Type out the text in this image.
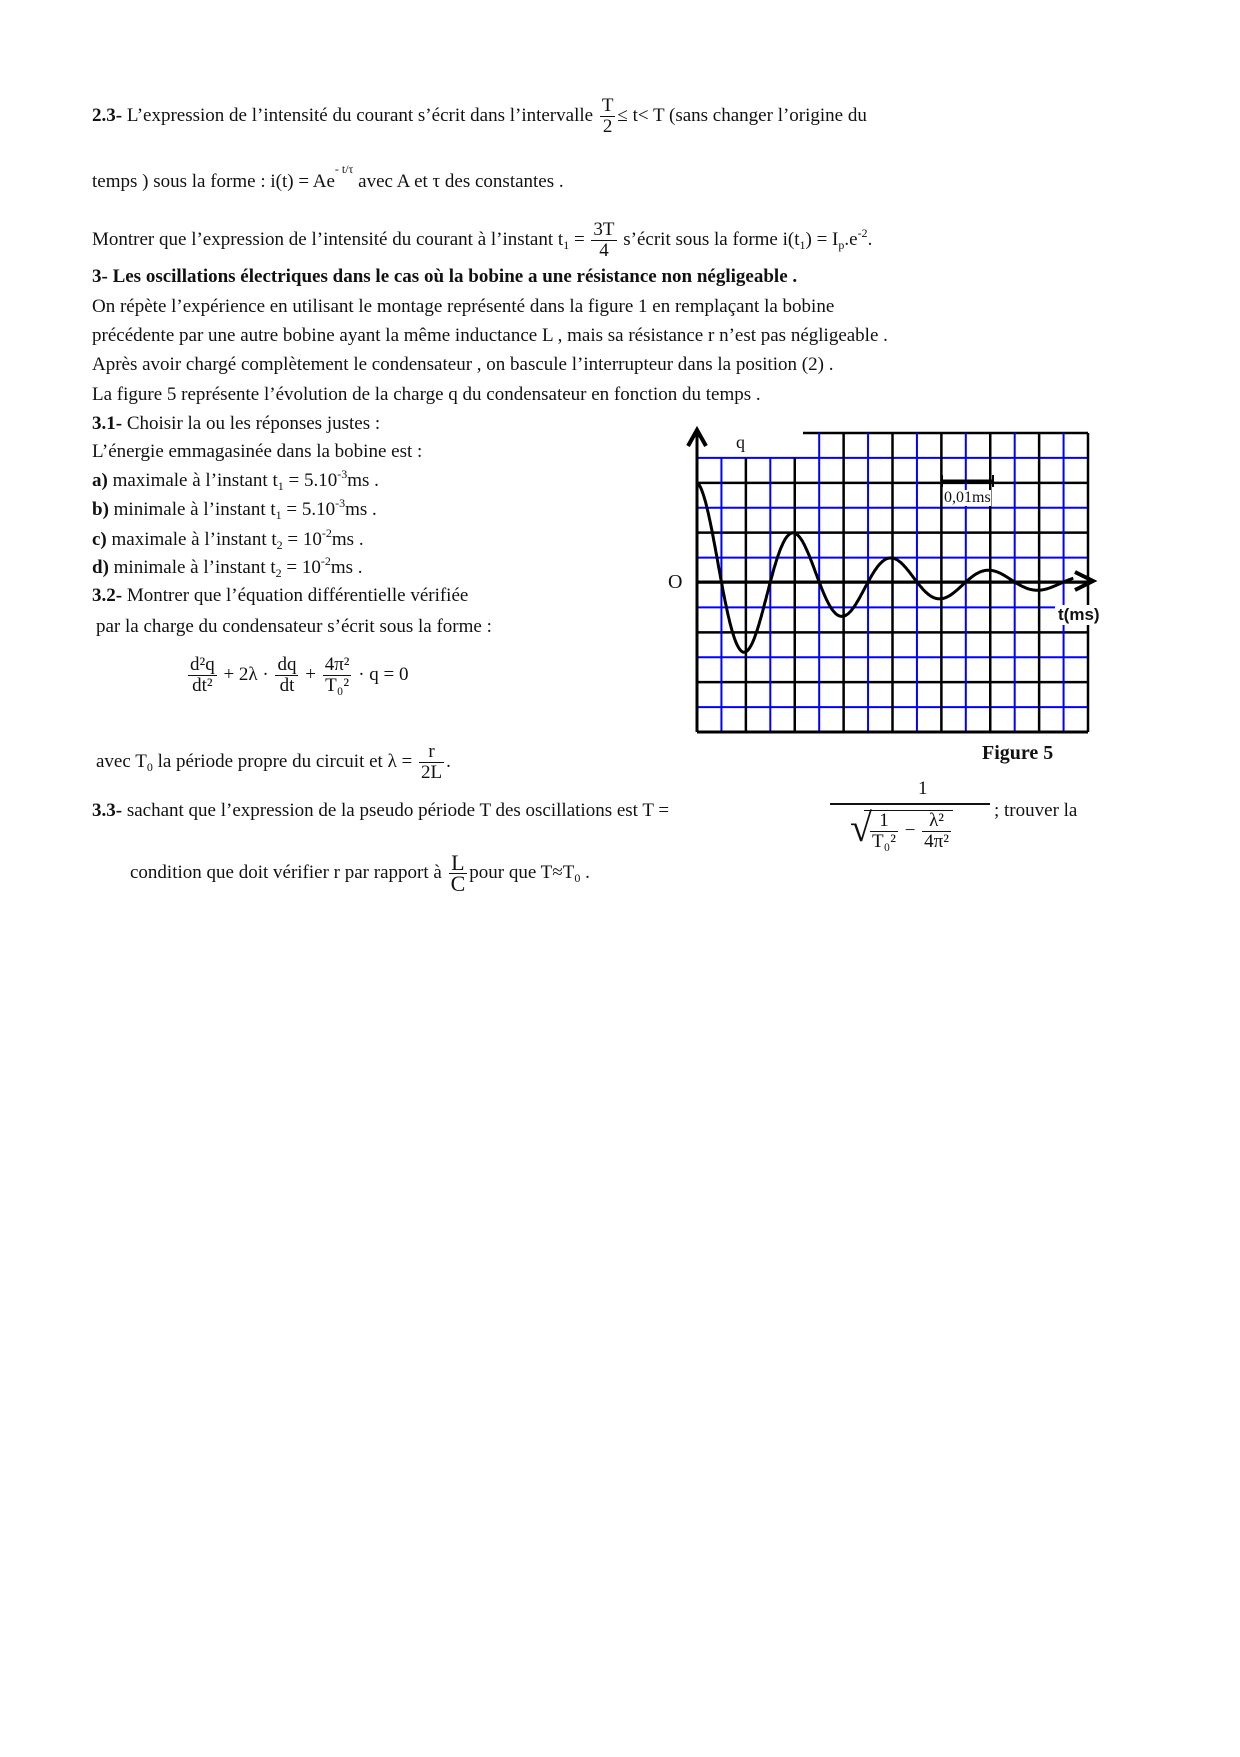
2.3- L’expression de l’intensité du courant s’écrit dans l’intervalle $\frac{T}{2} \le t< T$ (sans changer l’origine du
temps ) sous la forme : $i(t) = Ae^{- t/\tau}$ avec A et τ des constantes .
Montrer que l’expression de l’intensité du courant à l’instant $t_1 = \frac{3T}{4}$ s’écrit sous la forme $i(t_1) = I_p.e^{-2}$.
3- Les oscillations électriques dans le cas où la bobine a une résistance non négligeable .
On répète l’expérience en utilisant le montage représenté dans la figure 1 en remplaçant la bobine
précédente par une autre bobine ayant la même inductance L , mais sa résistance r n’est pas négligeable .
Après avoir chargé complètement le condensateur , on bascule l’interrupteur dans la position (2) .
La figure 5 représente l’évolution de la charge q du condensateur en fonction du temps .
3.1- Choisir la ou les réponses justes :
L’énergie emmagasinée dans la bobine est :
a) maximale à l’instant $t_1 = 5.10^{-3}ms$ .
b) minimale à l’instant $t_1 = 5.10^{-3}ms$ .
c) maximale à l’instant $t_2 = 10^{-2}ms$ .
d) minimale à l’instant $t_2 = 10^{-2}ms$ .
3.2- Montrer que l’équation différentielle vérifiée
par la charge du condensateur s’écrit sous la forme :
$\frac{\text{d²q}}{\text{dt²}} + 2\lambda \cdot \frac{dq}{dt} + \frac{\text{4π²}}{\text{T₀²}} \cdot q = 0$
avec $T_0$ la période propre du circuit et $\lambda = \frac{r}{2L}$ .
3.3- sachant que l’expression de la pseudo période T des oscillations est T =
1
√ $\frac{1}{\text{T₀²}} - \frac{\text{λ²}}{\text{4π²}}$
; trouver la
condition que doit vérifier r par rapport à $\frac{L}{C}$ pour que $T\approx T_0$ .
q
O
0,01ms
t(ms)
Figure 5
